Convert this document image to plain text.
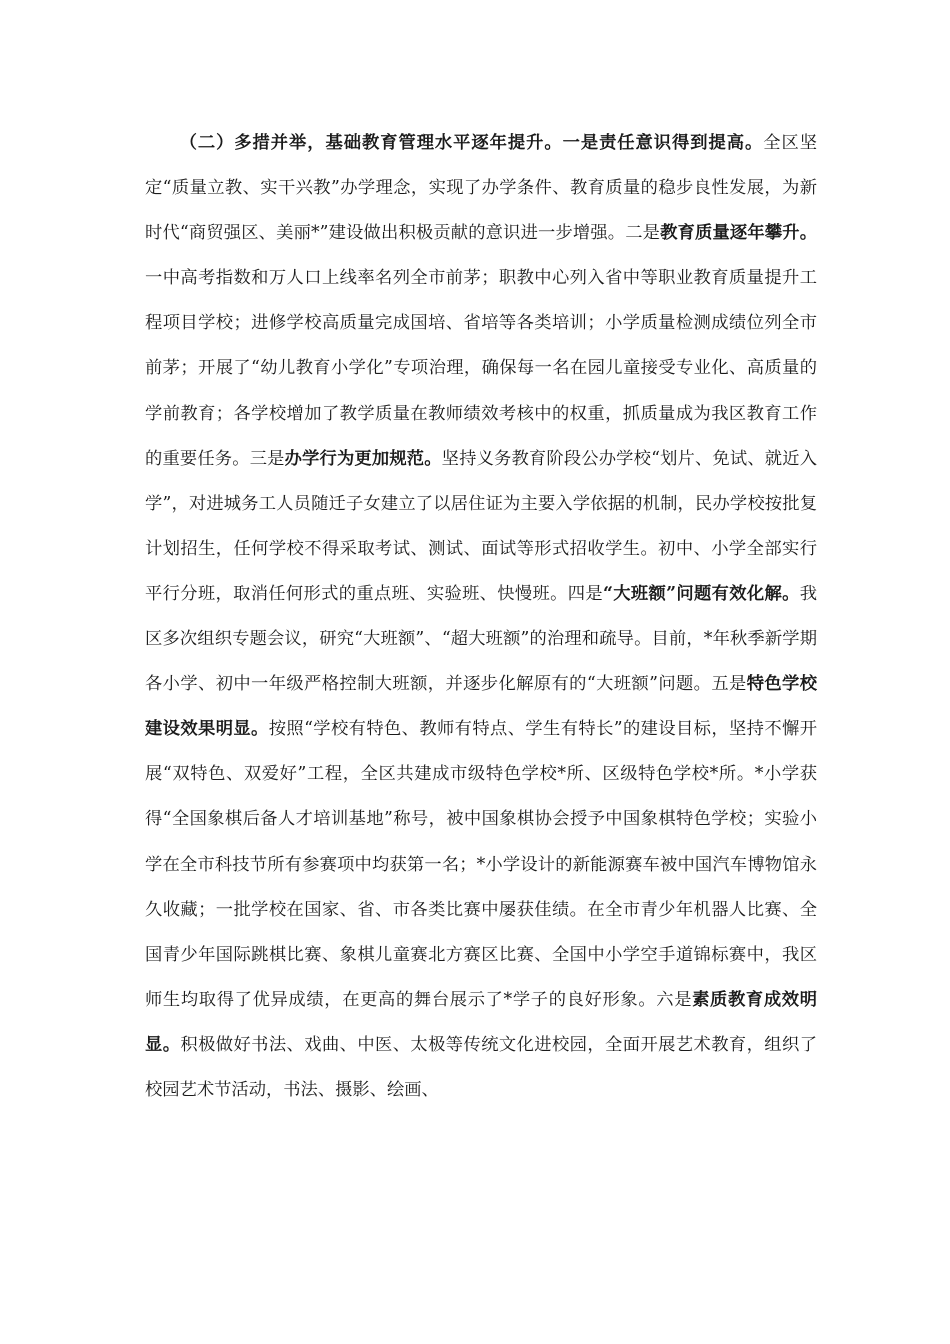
（二）多措并举，基础教育管理水平逐年提升。一是责任意识得到提高。全区坚定“质量立教、实干兴教”办学理念，实现了办学条件、教育质量的稳步良性发展，为新时代“商贸强区、美丽*”建设做出积极贡献的意识进一步增强。二是教育质量逐年攀升。一中高考指数和万人口上线率名列全市前茅；职教中心列入省中等职业教育质量提升工程项目学校；进修学校高质量完成国培、省培等各类培训；小学质量检测成绩位列全市前茅；开展了“幼儿教育小学化”专项治理，确保每一名在园儿童接受专业化、高质量的学前教育；各学校增加了教学质量在教师绩效考核中的权重，抓质量成为我区教育工作的重要任务。三是办学行为更加规范。坚持义务教育阶段公办学校“划片、免试、就近入学”，对进城务工人员随迁子女建立了以居住证为主要入学依据的机制，民办学校按批复计划招生，任何学校不得采取考试、测试、面试等形式招收学生。初中、小学全部实行平行分班，取消任何形式的重点班、实验班、快慢班。四是“大班额”问题有效化解。我区多次组织专题会议，研究“大班额”、“超大班额”的治理和疏导。目前，*年秋季新学期各小学、初中一年级严格控制大班额，并逐步化解原有的“大班额”问题。五是特色学校建设效果明显。按照“学校有特色、教师有特点、学生有特长”的建设目标，坚持不懈开展“双特色、双爱好”工程，全区共建成市级特色学校*所、区级特色学校*所。*小学获得“全国象棋后备人才培训基地”称号，被中国象棋协会授予中国象棋特色学校；实验小学在全市科技节所有参赛项中均获第一名；*小学设计的新能源赛车被中国汽车博物馆永久收藏；一批学校在国家、省、市各类比赛中屡获佳绩。在全市青少年机器人比赛、全国青少年国际跳棋比赛、象棋儿童赛北方赛区比赛、全国中小学空手道锦标赛中，我区师生均取得了优异成绩，在更高的舞台展示了*学子的良好形象。六是素质教育成效明显。积极做好书法、戏曲、中医、太极等传统文化进校园，全面开展艺术教育，组织了校园艺术节活动，书法、摄影、绘画、
